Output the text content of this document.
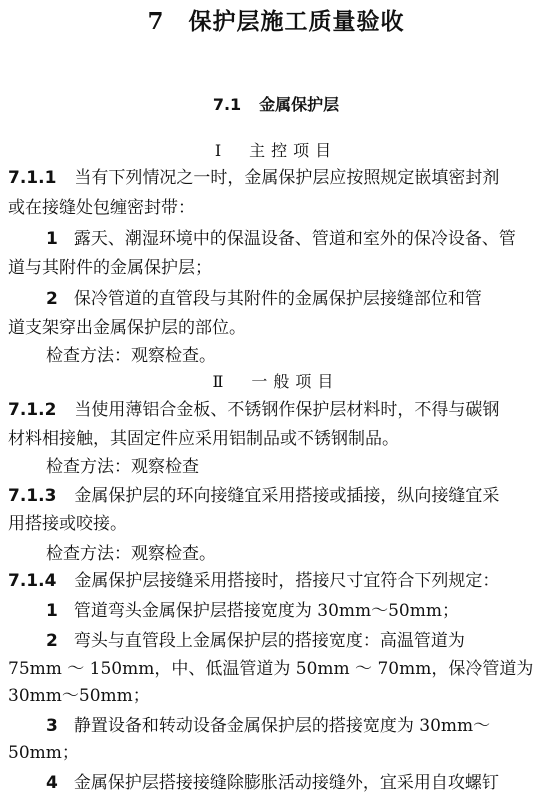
7 保护层施工质量验收
7.1 金属保护层
Ⅰ 主控项目
7.1.1 当有下列情况之一时，金属保护层应按照规定嵌填密封剂
或在接缝处包缠密封带：
1 露天、潮湿环境中的保温设备、管道和室外的保冷设备、管
道与其附件的金属保护层；
2 保冷管道的直管段与其附件的金属保护层接缝部位和管
道支架穿出金属保护层的部位。
检查方法：观察检查。
Ⅱ 一般项目
7.1.2 当使用薄铝合金板、不锈钢作保护层材料时，不得与碳钢
材料相接触，其固定件应采用铝制品或不锈钢制品。
检查方法：观察检查
7.1.3 金属保护层的环向接缝宜采用搭接或插接，纵向接缝宜采
用搭接或咬接。
检查方法：观察检查。
7.1.4 金属保护层接缝采用搭接时，搭接尺寸宜符合下列规定：
1 管道弯头金属保护层搭接宽度为 30mm～50mm；
2 弯头与直管段上金属保护层的搭接宽度：高温管道为
75mm ～ 150mm，中、低温管道为 50mm ～ 70mm，保冷管道为
30mm～50mm；
3 静置设备和转动设备金属保护层的搭接宽度为 30mm～
50mm；
4 金属保护层搭接接缝除膨胀活动接缝外，宜采用自攻螺钉
